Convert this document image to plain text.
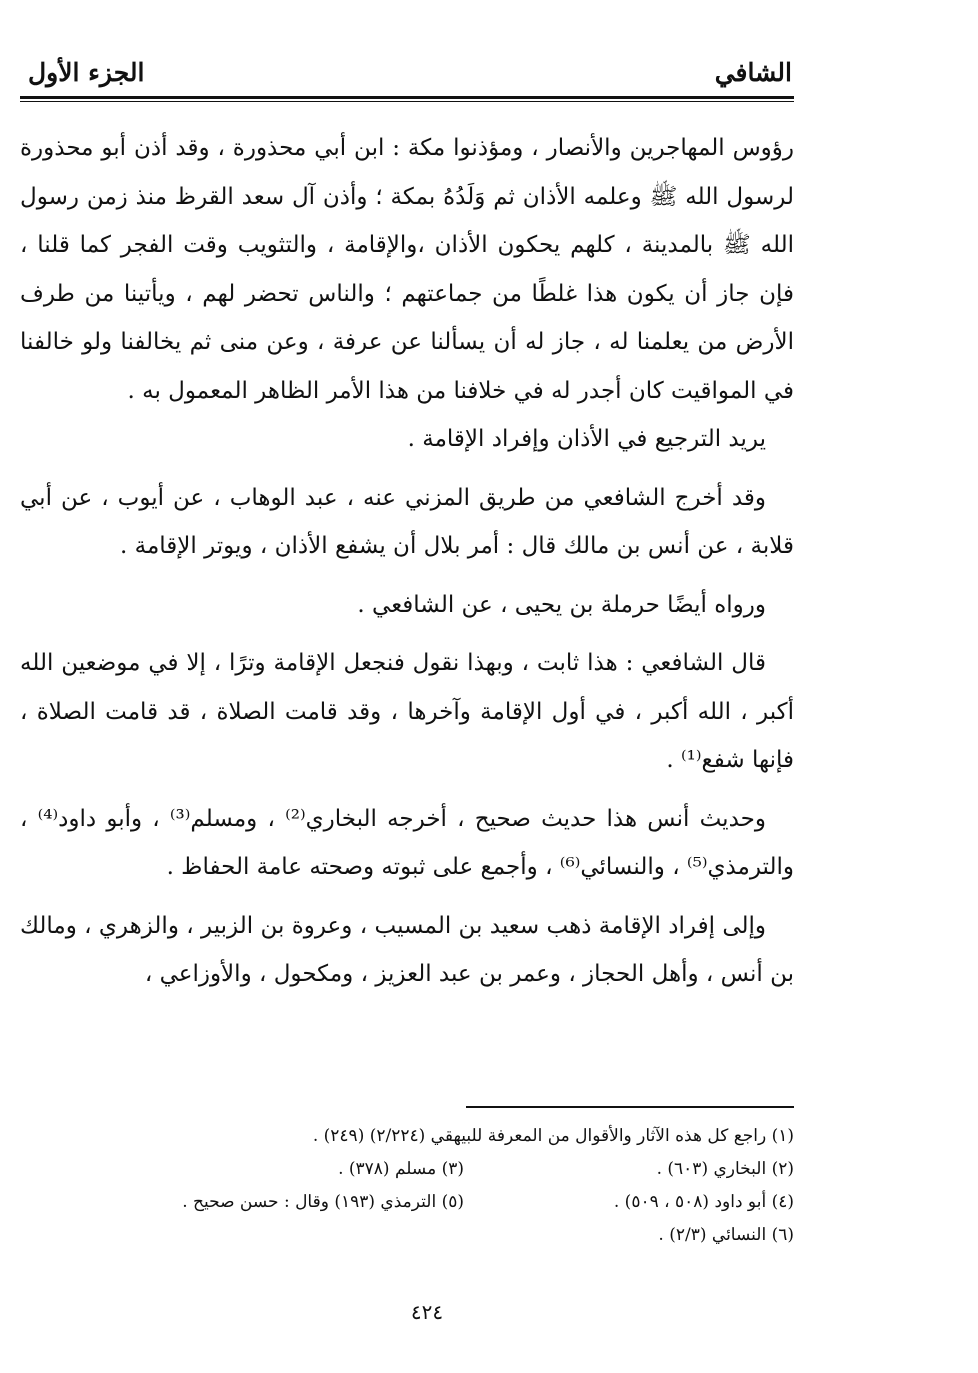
الشافي
الجزء الأول

رؤوس المهاجرين والأنصار ، ومؤذنوا مكة : ابن أبي محذورة ، وقد أذن أبو محذورة لرسول الله ﷺ وعلمه الأذان ثم وَلَدُهُ بمكة ؛ وأذن آل سعد القرظ منذ زمن رسول الله ﷺ بالمدينة ، كلهم يحكون الأذان ،والإقامة ، والتثويب وقت الفجر كما قلنا ، فإن جاز أن يكون هذا غلطًا من جماعتهم ؛ والناس تحضر لهم ، ويأتينا من طرف الأرض من يعلمنا له ، جاز له أن يسألنا عن عرفة ، وعن منى ثم يخالفنا ولو خالفنا في المواقيت كان أجدر له في خلافنا من هذا الأمر الظاهر المعمول به .

يريد الترجيع في الأذان وإفراد الإقامة .

وقد أخرج الشافعي من طريق المزني عنه ، عبد الوهاب ، عن أيوب ، عن أبي قلابة ، عن أنس بن مالك قال : أمر بلال أن يشفع الأذان ، ويوتر الإقامة .

ورواه أيضًا حرملة بن يحيى ، عن الشافعي .

قال الشافعي : هذا ثابت ، وبهذا نقول فنجعل الإقامة وترًا ، إلا في موضعين الله أكبر ، الله أكبر ، في أول الإقامة وآخرها ، وقد قامت الصلاة ، قد قامت الصلاة ، فإنها شفع⁽¹⁾ .

وحديث أنس هذا حديث صحيح ، أخرجه البخاري⁽²⁾ ، ومسلم⁽³⁾ ، وأبو داود⁽⁴⁾ ، والترمذي⁽⁵⁾ ، والنسائي⁽⁶⁾ ، وأجمع على ثبوته وصحته عامة الحفاظ .

وإلى إفراد الإقامة ذهب سعيد بن المسيب ، وعروة بن الزبير ، والزهري ، ومالك بن أنس ، وأهل الحجاز ، وعمر بن عبد العزيز ، ومكحول ، والأوزاعي ،

(١) راجع كل هذه الآثار والأقوال من المعرفة للبيهقي (٢/٢٢٤) (٢٤٩) .
(٢) البخاري (٦٠٣) .
(٣) مسلم (٣٧٨) .
(٤) أبو داود (٥٠٨ ، ٥٠٩) .
(٥) الترمذي (١٩٣) وقال : حسن صحيح .
(٦) النسائي (٢/٣) .
٤٢٤
